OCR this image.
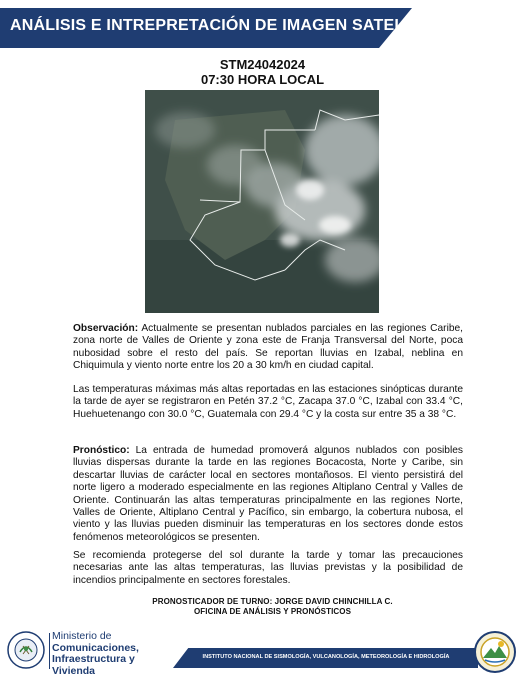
ANÁLISIS E INTREPRETACIÓN DE IMAGEN SATELITAL
STM24042024
07:30 HORA LOCAL

Observación: Actualmente se presentan nublados parciales en las regiones Caribe, zona norte de Valles de Oriente y zona este de Franja Transversal del Norte, poca nubosidad sobre el resto del país. Se reportan lluvias en Izabal, neblina en Chiquimula y viento norte entre los 20 a 30 km/h en ciudad capital.

Las temperaturas máximas más altas reportadas en las estaciones sinópticas durante la tarde de ayer se registraron en Petén 37.2 °C, Zacapa 37.0 °C, Izabal con 33.4 °C, Huehuetenango con 30.0 °C, Guatemala con 29.4 °C y la costa sur entre 35 a 38 °C.

Pronóstico: La entrada de humedad promoverá algunos nublados con posibles lluvias dispersas durante la tarde en las regiones Bocacosta, Norte y Caribe, sin descartar lluvias de carácter local en sectores montañosos. El viento persistirá del norte ligero a moderado especialmente en las regiones Altiplano Central y Valles de Oriente. Continuarán las altas temperaturas principalmente en las regiones Norte, Valles de Oriente, Altiplano Central y Pacífico, sin embargo, la cobertura nubosa, el viento y las lluvias pueden disminuir las temperaturas en los sectores donde estos fenómenos meteorológicos se presenten.

Se recomienda protegerse del sol durante la tarde y tomar las precauciones necesarias ante las altas temperaturas, las lluvias previstas y la posibilidad de incendios principalmente en sectores forestales.

PRONOSTICADOR DE TURNO: JORGE DAVID CHINCHILLA C.
OFICINA DE ANÁLISIS Y PRONÓSTICOS
Ministerio de
Comunicaciones,
Infraestructura y
Vivienda
INSTITUTO NACIONAL DE SISMOLOGÍA, VULCANOLOGÍA, METEOROLOGÍA E HIDROLOGÍA
